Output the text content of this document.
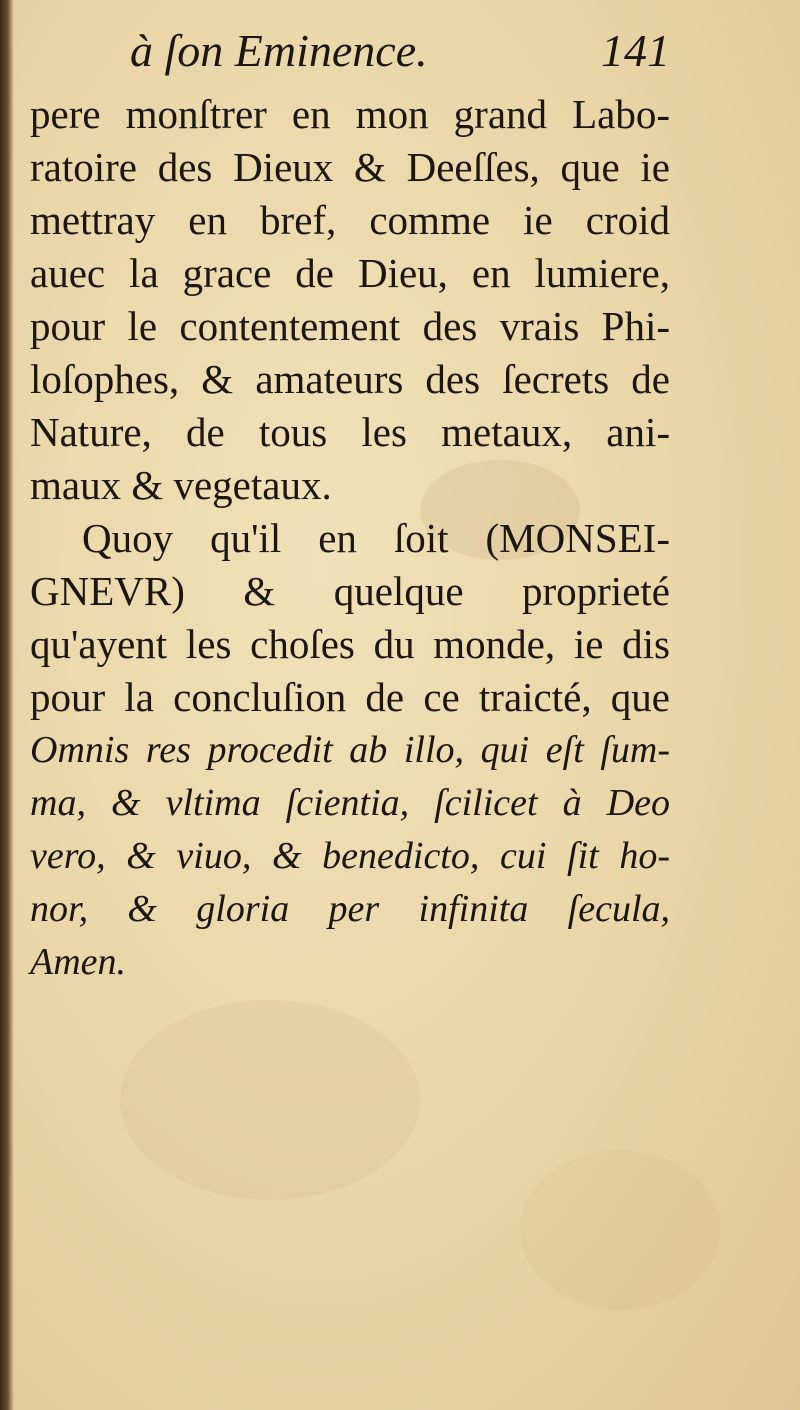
à ſon Eminence.	141
pere monſtrer en mon grand Labo-
ratoire des Dieux & Deeſſes, que ie
mettray en bref, comme ie croid
auec la grace de Dieu, en lumiere,
pour le contentement des vrais Phi-
loſophes, & amateurs des ſecrets de
Nature, de tous les metaux, ani-
maux & vegetaux.
Quoy qu'il en ſoit (MONSEI-
GNEVR) & quelque proprieté
qu'ayent les choſes du monde, ie dis
pour la concluſion de ce traicté, que
Omnis res procedit ab illo, qui eſt ſum-
ma, & vltima ſcientia, ſcilicet à Deo
vero, & viuo, & benedicto, cui ſit ho-
nor, & gloria per infinita ſecula,
Amen.
